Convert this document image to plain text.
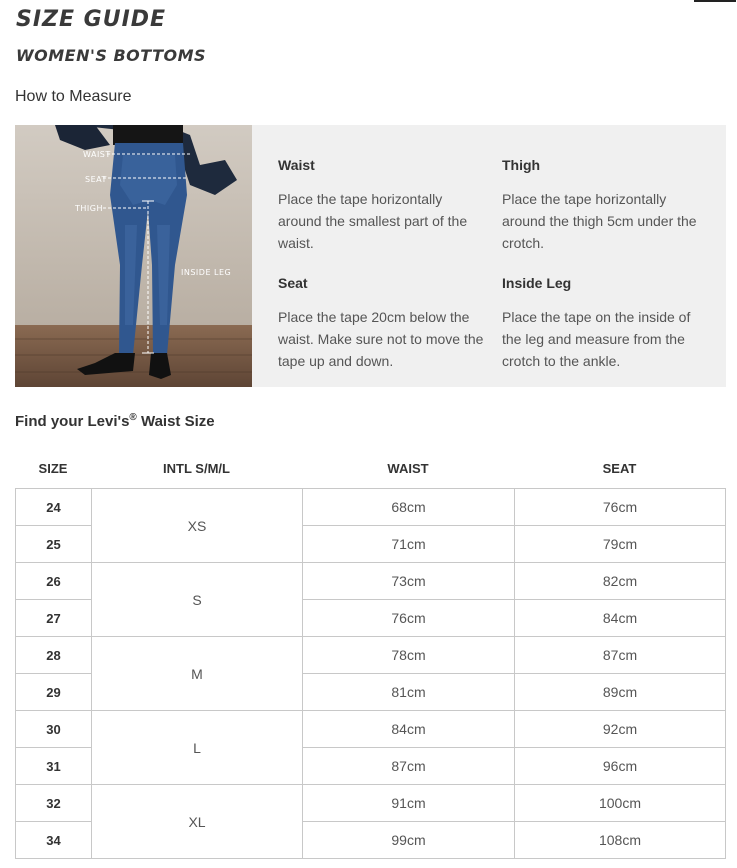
SIZE GUIDE
WOMEN'S BOTTOMS
How to Measure
WAIST
SEAT
THIGH
INSIDE LEG

Waist

Place the tape horizontally around the smallest part of the waist.

Thigh

Place the tape horizontally around the thigh 5cm under the crotch.

Seat

Place the tape 20cm below the waist. Make sure not to move the tape up and down.

Inside Leg

Place the tape on the inside of the leg and measure from the crotch to the ankle.

Find your Levi's® Waist Size
SIZE	INTL S/M/L	WAIST	SEAT
24	XS	68cm	76cm
25		71cm	79cm
26	S	73cm	82cm
27		76cm	84cm
28	M	78cm	87cm
29		81cm	89cm
30	L	84cm	92cm
31		87cm	96cm
32	XL	91cm	100cm
34		99cm	108cm
